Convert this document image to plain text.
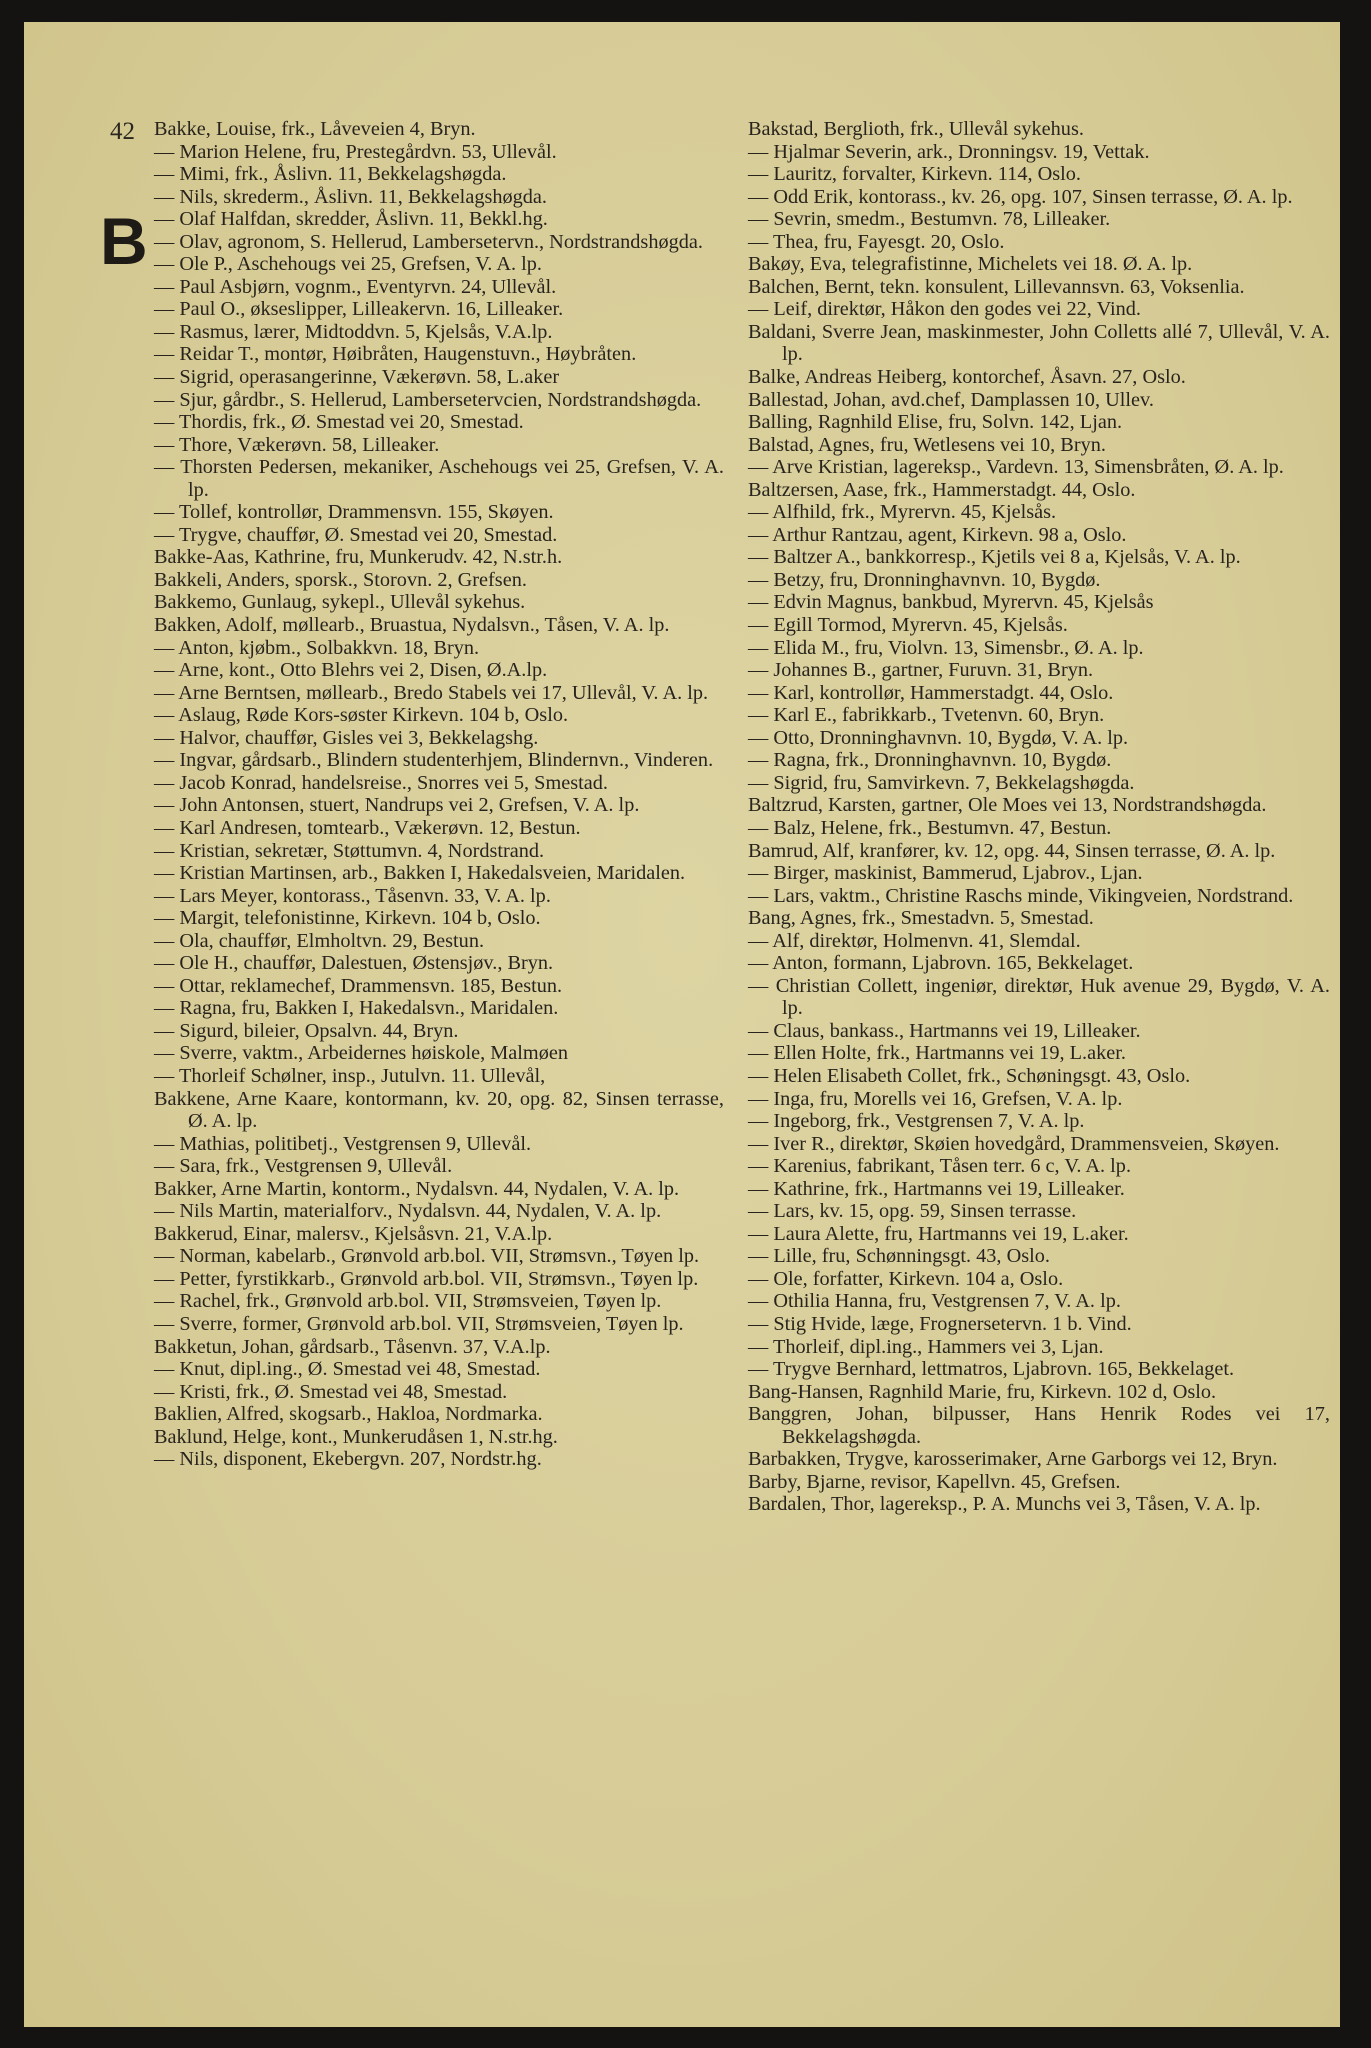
42
B
Bakke, Louise, frk., Låveveien 4, Bryn.
— Marion Helene, fru, Prestegårdvn. 53, Ullevål.
— Mimi, frk., Åslivn. 11, Bekkelagshøgda.
— Nils, skrederm., Åslivn. 11, Bekkelagshøgda.
— Olaf Halfdan, skredder, Åslivn. 11, Bekkl.hg.
— Olav, agronom, S. Hellerud, Lambersetervn., Nordstrandshøgda.
— Ole P., Aschehougs vei 25, Grefsen, V. A. lp.
— Paul Asbjørn, vognm., Eventyrvn. 24, Ullevål.
— Paul O., økseslipper, Lilleakervn. 16, Lilleaker.
— Rasmus, lærer, Midtoddvn. 5, Kjelsås, V.A.lp.
— Reidar T., montør, Høibråten, Haugenstuvn., Høybråten.
— Sigrid, operasangerinne, Vækerøvn. 58, L.aker
— Sjur, gårdbr., S. Hellerud, Lambersetervcien, Nordstrandshøgda.
— Thordis, frk., Ø. Smestad vei 20, Smestad.
— Thore, Vækerøvn. 58, Lilleaker.
— Thorsten Pedersen, mekaniker, Aschehougs vei 25, Grefsen, V. A. lp.
— Tollef, kontrollør, Drammensvn. 155, Skøyen.
— Trygve, chauffør, Ø. Smestad vei 20, Smestad.
Bakke-Aas, Kathrine, fru, Munkerudv. 42, N.str.h.
Bakkeli, Anders, sporsk., Storovn. 2, Grefsen.
Bakkemo, Gunlaug, sykepl., Ullevål sykehus.
Bakken, Adolf, møllearb., Bruastua, Nydalsvn., Tåsen, V. A. lp.
— Anton, kjøbm., Solbakkvn. 18, Bryn.
— Arne, kont., Otto Blehrs vei 2, Disen, Ø.A.lp.
— Arne Berntsen, møllearb., Bredo Stabels vei 17, Ullevål, V. A. lp.
— Aslaug, Røde Kors-søster Kirkevn. 104 b, Oslo.
— Halvor, chauffør, Gisles vei 3, Bekkelagshg.
— Ingvar, gårdsarb., Blindern studenterhjem, Blindernvn., Vinderen.
— Jacob Konrad, handelsreise., Snorres vei 5, Smestad.
— John Antonsen, stuert, Nandrups vei 2, Grefsen, V. A. lp.
— Karl Andresen, tomtearb., Vækerøvn. 12, Bestun.
— Kristian, sekretær, Støttumvn. 4, Nordstrand.
— Kristian Martinsen, arb., Bakken I, Hakedalsveien, Maridalen.
— Lars Meyer, kontorass., Tåsenvn. 33, V. A. lp.
— Margit, telefonistinne, Kirkevn. 104 b, Oslo.
— Ola, chauffør, Elmholtvn. 29, Bestun.
— Ole H., chauffør, Dalestuen, Østensjøv., Bryn.
— Ottar, reklamechef, Drammensvn. 185, Bestun.
— Ragna, fru, Bakken I, Hakedalsvn., Maridalen.
— Sigurd, bileier, Opsalvn. 44, Bryn.
— Sverre, vaktm., Arbeidernes høiskole, Malmøen
— Thorleif Schølner, insp., Jutulvn. 11. Ullevål,
Bakkene, Arne Kaare, kontormann, kv. 20, opg. 82, Sinsen terrasse, Ø. A. lp.
— Mathias, politibetj., Vestgrensen 9, Ullevål.
— Sara, frk., Vestgrensen 9, Ullevål.
Bakker, Arne Martin, kontorm., Nydalsvn. 44, Nydalen, V. A. lp.
— Nils Martin, materialforv., Nydalsvn. 44, Nydalen, V. A. lp.
Bakkerud, Einar, malersv., Kjelsåsvn. 21, V.A.lp.
— Norman, kabelarb., Grønvold arb.bol. VII, Strømsvn., Tøyen lp.
— Petter, fyrstikkarb., Grønvold arb.bol. VII, Strømsvn., Tøyen lp.
— Rachel, frk., Grønvold arb.bol. VII, Strømsveien, Tøyen lp.
— Sverre, former, Grønvold arb.bol. VII, Strømsveien, Tøyen lp.
Bakketun, Johan, gårdsarb., Tåsenvn. 37, V.A.lp.
— Knut, dipl.ing., Ø. Smestad vei 48, Smestad.
— Kristi, frk., Ø. Smestad vei 48, Smestad.
Baklien, Alfred, skogsarb., Hakloa, Nordmarka.
Baklund, Helge, kont., Munkerudåsen 1, N.str.hg.
— Nils, disponent, Ekebergvn. 207, Nordstr.hg.
Bakstad, Berglioth, frk., Ullevål sykehus.
— Hjalmar Severin, ark., Dronningsv. 19, Vettak.
— Lauritz, forvalter, Kirkevn. 114, Oslo.
— Odd Erik, kontorass., kv. 26, opg. 107, Sinsen terrasse, Ø. A. lp.
— Sevrin, smedm., Bestumvn. 78, Lilleaker.
— Thea, fru, Fayesgt. 20, Oslo.
Bakøy, Eva, telegrafistinne, Michelets vei 18. Ø. A. lp.
Balchen, Bernt, tekn. konsulent, Lillevannsvn. 63, Voksenlia.
— Leif, direktør, Håkon den godes vei 22, Vind.
Baldani, Sverre Jean, maskinmester, John Colletts allé 7, Ullevål, V. A. lp.
Balke, Andreas Heiberg, kontorchef, Åsavn. 27, Oslo.
Ballestad, Johan, avd.chef, Damplassen 10, Ullev.
Balling, Ragnhild Elise, fru, Solvn. 142, Ljan.
Balstad, Agnes, fru, Wetlesens vei 10, Bryn.
— Arve Kristian, lagereksp., Vardevn. 13, Simensbråten, Ø. A. lp.
Baltzersen, Aase, frk., Hammerstadgt. 44, Oslo.
— Alfhild, frk., Myrervn. 45, Kjelsås.
— Arthur Rantzau, agent, Kirkevn. 98 a, Oslo.
— Baltzer A., bankkorresp., Kjetils vei 8 a, Kjelsås, V. A. lp.
— Betzy, fru, Dronninghavnvn. 10, Bygdø.
— Edvin Magnus, bankbud, Myrervn. 45, Kjelsås
— Egill Tormod, Myrervn. 45, Kjelsås.
— Elida M., fru, Violvn. 13, Simensbr., Ø. A. lp.
— Johannes B., gartner, Furuvn. 31, Bryn.
— Karl, kontrollør, Hammerstadgt. 44, Oslo.
— Karl E., fabrikkarb., Tvetenvn. 60, Bryn.
— Otto, Dronninghavnvn. 10, Bygdø, V. A. lp.
— Ragna, frk., Dronninghavnvn. 10, Bygdø.
— Sigrid, fru, Samvirkevn. 7, Bekkelagshøgda.
Baltzrud, Karsten, gartner, Ole Moes vei 13, Nordstrandshøgda.
— Balz, Helene, frk., Bestumvn. 47, Bestun.
Bamrud, Alf, kranfører, kv. 12, opg. 44, Sinsen terrasse, Ø. A. lp.
— Birger, maskinist, Bammerud, Ljabrov., Ljan.
— Lars, vaktm., Christine Raschs minde, Vikingveien, Nordstrand.
Bang, Agnes, frk., Smestadvn. 5, Smestad.
— Alf, direktør, Holmenvn. 41, Slemdal.
— Anton, formann, Ljabrovn. 165, Bekkelaget.
— Christian Collett, ingeniør, direktør, Huk avenue 29, Bygdø, V. A. lp.
— Claus, bankass., Hartmanns vei 19, Lilleaker.
— Ellen Holte, frk., Hartmanns vei 19, L.aker.
— Helen Elisabeth Collet, frk., Schøningsgt. 43, Oslo.
— Inga, fru, Morells vei 16, Grefsen, V. A. lp.
— Ingeborg, frk., Vestgrensen 7, V. A. lp.
— Iver R., direktør, Skøien hovedgård, Drammensveien, Skøyen.
— Karenius, fabrikant, Tåsen terr. 6 c, V. A. lp.
— Kathrine, frk., Hartmanns vei 19, Lilleaker.
— Lars, kv. 15, opg. 59, Sinsen terrasse.
— Laura Alette, fru, Hartmanns vei 19, L.aker.
— Lille, fru, Schønningsgt. 43, Oslo.
— Ole, forfatter, Kirkevn. 104 a, Oslo.
— Othilia Hanna, fru, Vestgrensen 7, V. A. lp.
— Stig Hvide, læge, Frognersetervn. 1 b. Vind.
— Thorleif, dipl.ing., Hammers vei 3, Ljan.
— Trygve Bernhard, lettmatros, Ljabrovn. 165, Bekkelaget.
Bang-Hansen, Ragnhild Marie, fru, Kirkevn. 102 d, Oslo.
Banggren, Johan, bilpusser, Hans Henrik Rodes vei 17, Bekkelagshøgda.
Barbakken, Trygve, karosserimaker, Arne Garborgs vei 12, Bryn.
Barby, Bjarne, revisor, Kapellvn. 45, Grefsen.
Bardalen, Thor, lagereksp., P. A. Munchs vei 3, Tåsen, V. A. lp.
